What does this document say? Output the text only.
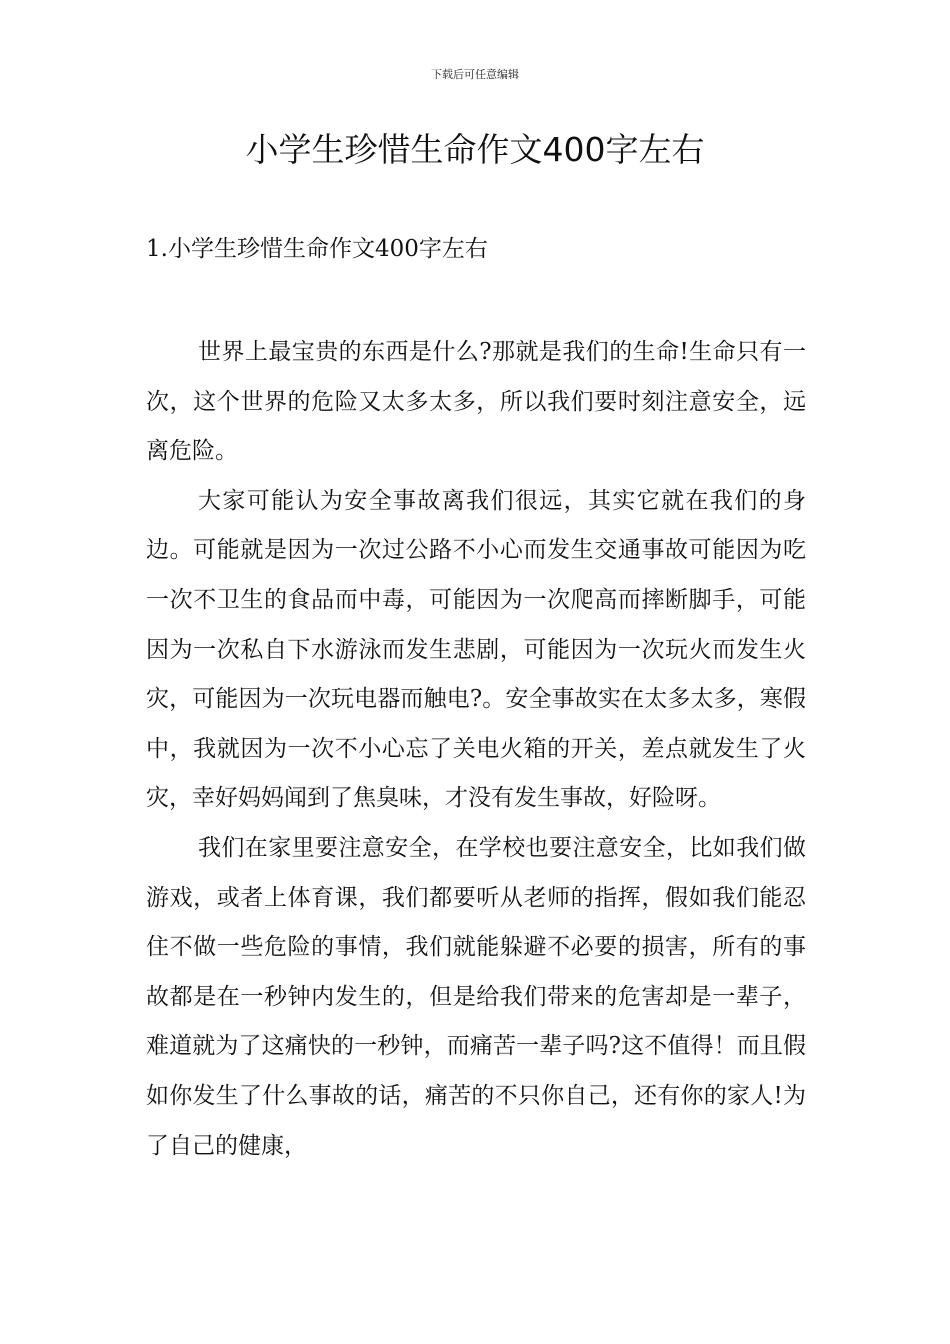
下载后可任意编辑
小学生珍惜生命作文400字左右
1.小学生珍惜生命作文400字左右

世界上最宝贵的东西是什么?那就是我们的生命!生命只有一次，这个世界的危险又太多太多，所以我们要时刻注意安全，远离危险。

大家可能认为安全事故离我们很远，其实它就在我们的身边。可能就是因为一次过公路不小心而发生交通事故可能因为吃一次不卫生的食品而中毒，可能因为一次爬高而摔断脚手，可能因为一次私自下水游泳而发生悲剧，可能因为一次玩火而发生火灾，可能因为一次玩电器而触电?。安全事故实在太多太多，寒假中，我就因为一次不小心忘了关电火箱的开关，差点就发生了火灾，幸好妈妈闻到了焦臭味，才没有发生事故，好险呀。

我们在家里要注意安全，在学校也要注意安全，比如我们做游戏，或者上体育课，我们都要听从老师的指挥，假如我们能忍住不做一些危险的事情，我们就能躲避不必要的损害，所有的事故都是在一秒钟内发生的，但是给我们带来的危害却是一辈子，难道就为了这痛快的一秒钟，而痛苦一辈子吗?这不值得！而且假如你发生了什么事故的话，痛苦的不只你自己，还有你的家人!为了自己的健康，
